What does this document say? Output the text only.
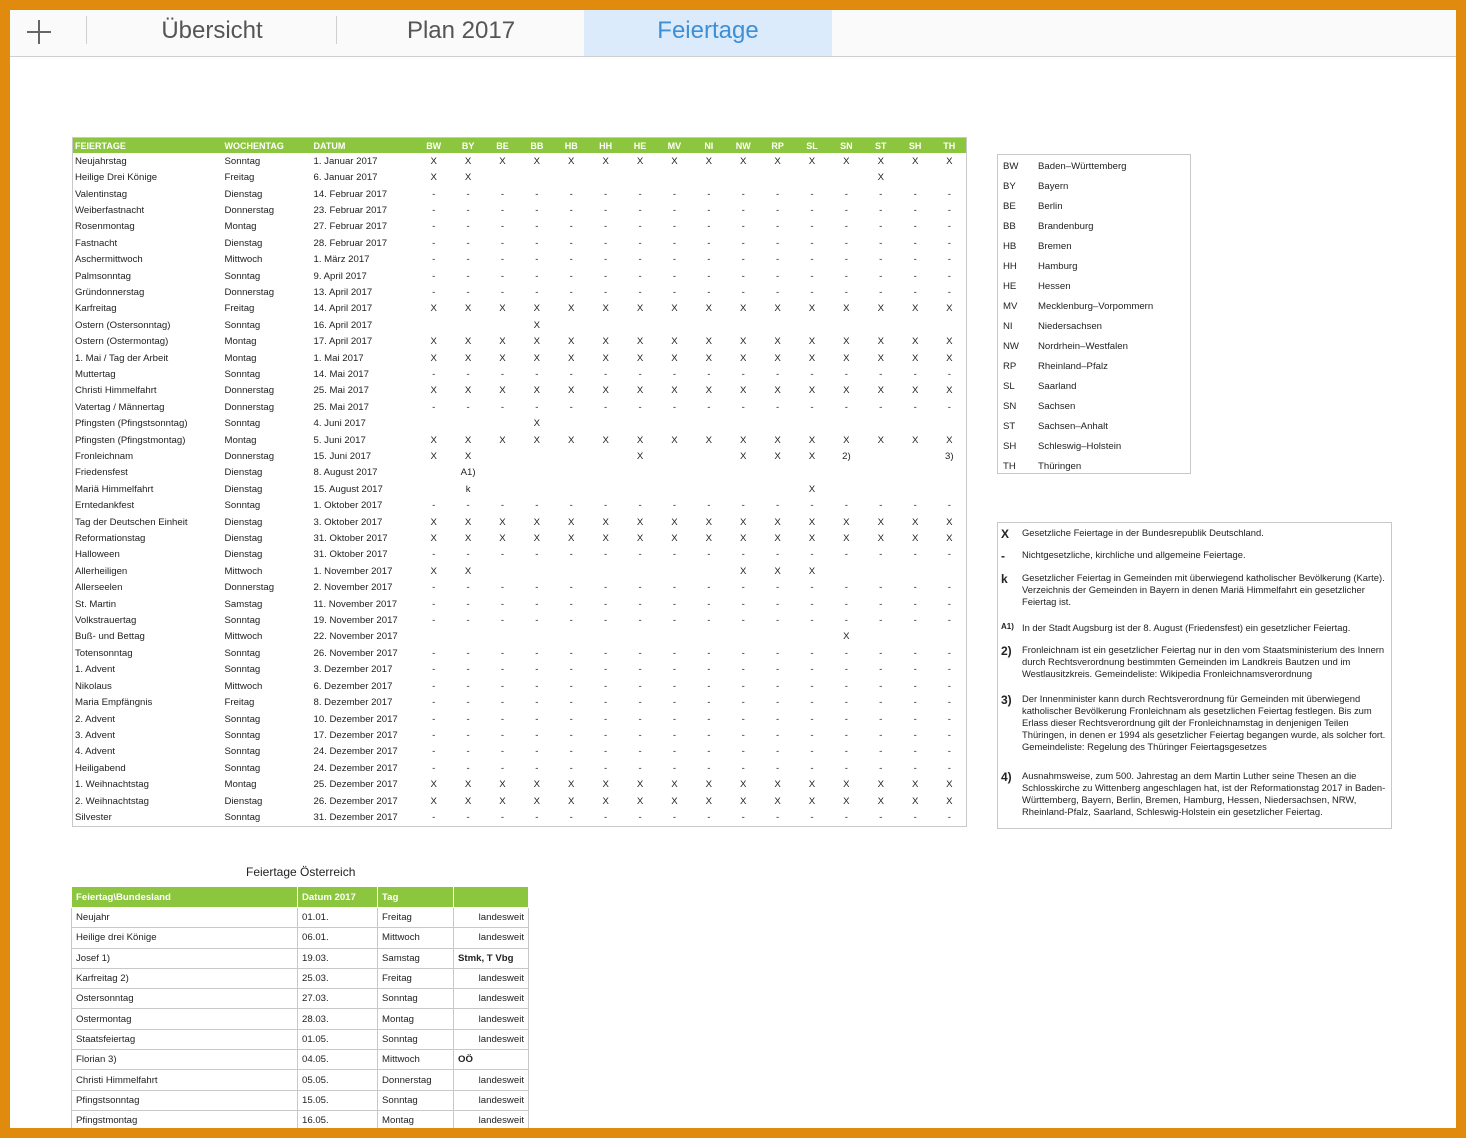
Übersicht	Plan 2017	Feiertage
FEIERTAGE	WOCHENTAG	DATUM	BW	BY	BE	BB	HB	HH	HE	MV	NI	NW	RP	SL	SN	ST	SH	TH
Neujahrstag	Sonntag	1. Januar 2017	X	X	X	X	X	X	X	X	X	X	X	X	X	X	X	X
Heilige Drei Könige	Freitag	6. Januar 2017	X	X												X		
Valentinstag	Dienstag	14. Februar 2017	-	-	-	-	-	-	-	-	-	-	-	-	-	-	-	-
Weiberfastnacht	Donnerstag	23. Februar 2017	-	-	-	-	-	-	-	-	-	-	-	-	-	-	-	-
Rosenmontag	Montag	27. Februar 2017	-	-	-	-	-	-	-	-	-	-	-	-	-	-	-	-
Fastnacht	Dienstag	28. Februar 2017	-	-	-	-	-	-	-	-	-	-	-	-	-	-	-	-
Aschermittwoch	Mittwoch	1. März 2017	-	-	-	-	-	-	-	-	-	-	-	-	-	-	-	-
Palmsonntag	Sonntag	9. April 2017	-	-	-	-	-	-	-	-	-	-	-	-	-	-	-	-
Gründonnerstag	Donnerstag	13. April 2017	-	-	-	-	-	-	-	-	-	-	-	-	-	-	-	-
Karfreitag	Freitag	14. April 2017	X	X	X	X	X	X	X	X	X	X	X	X	X	X	X	X
Ostern (Ostersonntag)	Sonntag	16. April 2017				X												
Ostern (Ostermontag)	Montag	17. April 2017	X	X	X	X	X	X	X	X	X	X	X	X	X	X	X	X
1. Mai / Tag der Arbeit	Montag	1. Mai 2017	X	X	X	X	X	X	X	X	X	X	X	X	X	X	X	X
Muttertag	Sonntag	14. Mai 2017	-	-	-	-	-	-	-	-	-	-	-	-	-	-	-	-
Christi Himmelfahrt	Donnerstag	25. Mai 2017	X	X	X	X	X	X	X	X	X	X	X	X	X	X	X	X
Vatertag / Männertag	Donnerstag	25. Mai 2017	-	-	-	-	-	-	-	-	-	-	-	-	-	-	-	-
Pfingsten (Pfingstsonntag)	Sonntag	4. Juni 2017				X												
Pfingsten (Pfingstmontag)	Montag	5. Juni 2017	X	X	X	X	X	X	X	X	X	X	X	X	X	X	X	X
Fronleichnam	Donnerstag	15. Juni 2017	X	X					X			X	X	X	2)			3)
Friedensfest	Dienstag	8. August 2017		A1)														
Mariä Himmelfahrt	Dienstag	15. August 2017		k										X				
Erntedankfest	Sonntag	1. Oktober 2017	-	-	-	-	-	-	-	-	-	-	-	-	-	-	-	-
Tag der Deutschen Einheit	Dienstag	3. Oktober 2017	X	X	X	X	X	X	X	X	X	X	X	X	X	X	X	X
Reformationstag	Dienstag	31. Oktober 2017	X	X	X	X	X	X	X	X	X	X	X	X	X	X	X	X
Halloween	Dienstag	31. Oktober 2017	-	-	-	-	-	-	-	-	-	-	-	-	-	-	-	-
Allerheiligen	Mittwoch	1. November 2017	X	X								X	X	X				
Allerseelen	Donnerstag	2. November 2017	-	-	-	-	-	-	-	-	-	-	-	-	-	-	-	-
St. Martin	Samstag	11. November 2017	-	-	-	-	-	-	-	-	-	-	-	-	-	-	-	-
Volkstrauertag	Sonntag	19. November 2017	-	-	-	-	-	-	-	-	-	-	-	-	-	-	-	-
Buß- und Bettag	Mittwoch	22. November 2017													X			
Totensonntag	Sonntag	26. November 2017	-	-	-	-	-	-	-	-	-	-	-	-	-	-	-	-
1. Advent	Sonntag	3. Dezember 2017	-	-	-	-	-	-	-	-	-	-	-	-	-	-	-	-
Nikolaus	Mittwoch	6. Dezember 2017	-	-	-	-	-	-	-	-	-	-	-	-	-	-	-	-
Maria Empfängnis	Freitag	8. Dezember 2017	-	-	-	-	-	-	-	-	-	-	-	-	-	-	-	-
2. Advent	Sonntag	10. Dezember 2017	-	-	-	-	-	-	-	-	-	-	-	-	-	-	-	-
3. Advent	Sonntag	17. Dezember 2017	-	-	-	-	-	-	-	-	-	-	-	-	-	-	-	-
4. Advent	Sonntag	24. Dezember 2017	-	-	-	-	-	-	-	-	-	-	-	-	-	-	-	-
Heiligabend	Sonntag	24. Dezember 2017	-	-	-	-	-	-	-	-	-	-	-	-	-	-	-	-
1. Weihnachtstag	Montag	25. Dezember 2017	X	X	X	X	X	X	X	X	X	X	X	X	X	X	X	X
2. Weihnachtstag	Dienstag	26. Dezember 2017	X	X	X	X	X	X	X	X	X	X	X	X	X	X	X	X
Silvester	Sonntag	31. Dezember 2017	-	-	-	-	-	-	-	-	-	-	-	-	-	-	-	-
BW Baden–Württemberg
BY Bayern
BE Berlin
BB Brandenburg
HB Bremen
HH Hamburg
HE Hessen
MV Mecklenburg–Vorpommern
NI	Niedersachsen
NW Nordrhein–Westfalen
RP Rheinland–Pfalz
SL Saarland
SN Sachsen
ST Sachsen–Anhalt
SH Schleswig–Holstein
TH Thüringen
X Gesetzliche Feiertage in der Bundesrepublik Deutschland.
- Nichtgesetzliche, kirchliche und allgemeine Feiertage.
k Gesetzlicher Feiertag in Gemeinden mit überwiegend katholischer Bevölkerung (Karte). Verzeichnis der Gemeinden in Bayern in denen Mariä Himmelfahrt ein gesetzlicher Feiertag ist.
A1) In der Stadt Augsburg ist der 8. August (Friedensfest) ein gesetzlicher Feiertag.
2) Fronleichnam ist ein gesetzlicher Feiertag nur in den vom Staatsministerium des Innern durch Rechtsverordnung bestimmten Gemeinden im Landkreis Bautzen und im Westlausitzkreis. Gemeindeliste: Wikipedia Fronleichnamsverordnung
3) Der Innenminister kann durch Rechtsverordnung für Gemeinden mit überwiegend katholischer Bevölkerung Fronleichnam als gesetzlichen Feiertag festlegen. Bis zum Erlass dieser Rechtsverordnung gilt der Fronleichnamstag in denjenigen Teilen Thüringen, in denen er 1994 als gesetzlicher Feiertag begangen wurde, als solcher fort. Gemeindeliste: Regelung des Thüringer Feiertagsgesetzes
4) Ausnahmsweise, zum 500. Jahrestag an dem Martin Luther seine Thesen an die Schlosskirche zu Wittenberg angeschlagen hat, ist der Reformationstag 2017 in Baden-Württemberg, Bayern, Berlin, Bremen, Hamburg, Hessen, Niedersachsen, NRW, Rheinland-Pfalz, Saarland, Schleswig-Holstein ein gesetzlicher Feiertag.
Feiertage Österreich
Feiertag\Bundesland	Datum 2017	Tag	
Neujahr	01.01.	Freitag	landesweit
Heilige drei Könige	06.01.	Mittwoch	landesweit
Josef 1)	19.03.	Samstag	Stmk, T Vbg
Karfreitag 2)	25.03.	Freitag	landesweit
Ostersonntag	27.03.	Sonntag	landesweit
Ostermontag	28.03.	Montag	landesweit
Staatsfeiertag	01.05.	Sonntag	landesweit
Florian 3)	04.05.	Mittwoch	OÖ
Christi Himmelfahrt	05.05.	Donnerstag	landesweit
Pfingstsonntag	15.05.	Sonntag	landesweit
Pfingstmontag	16.05.	Montag	landesweit
